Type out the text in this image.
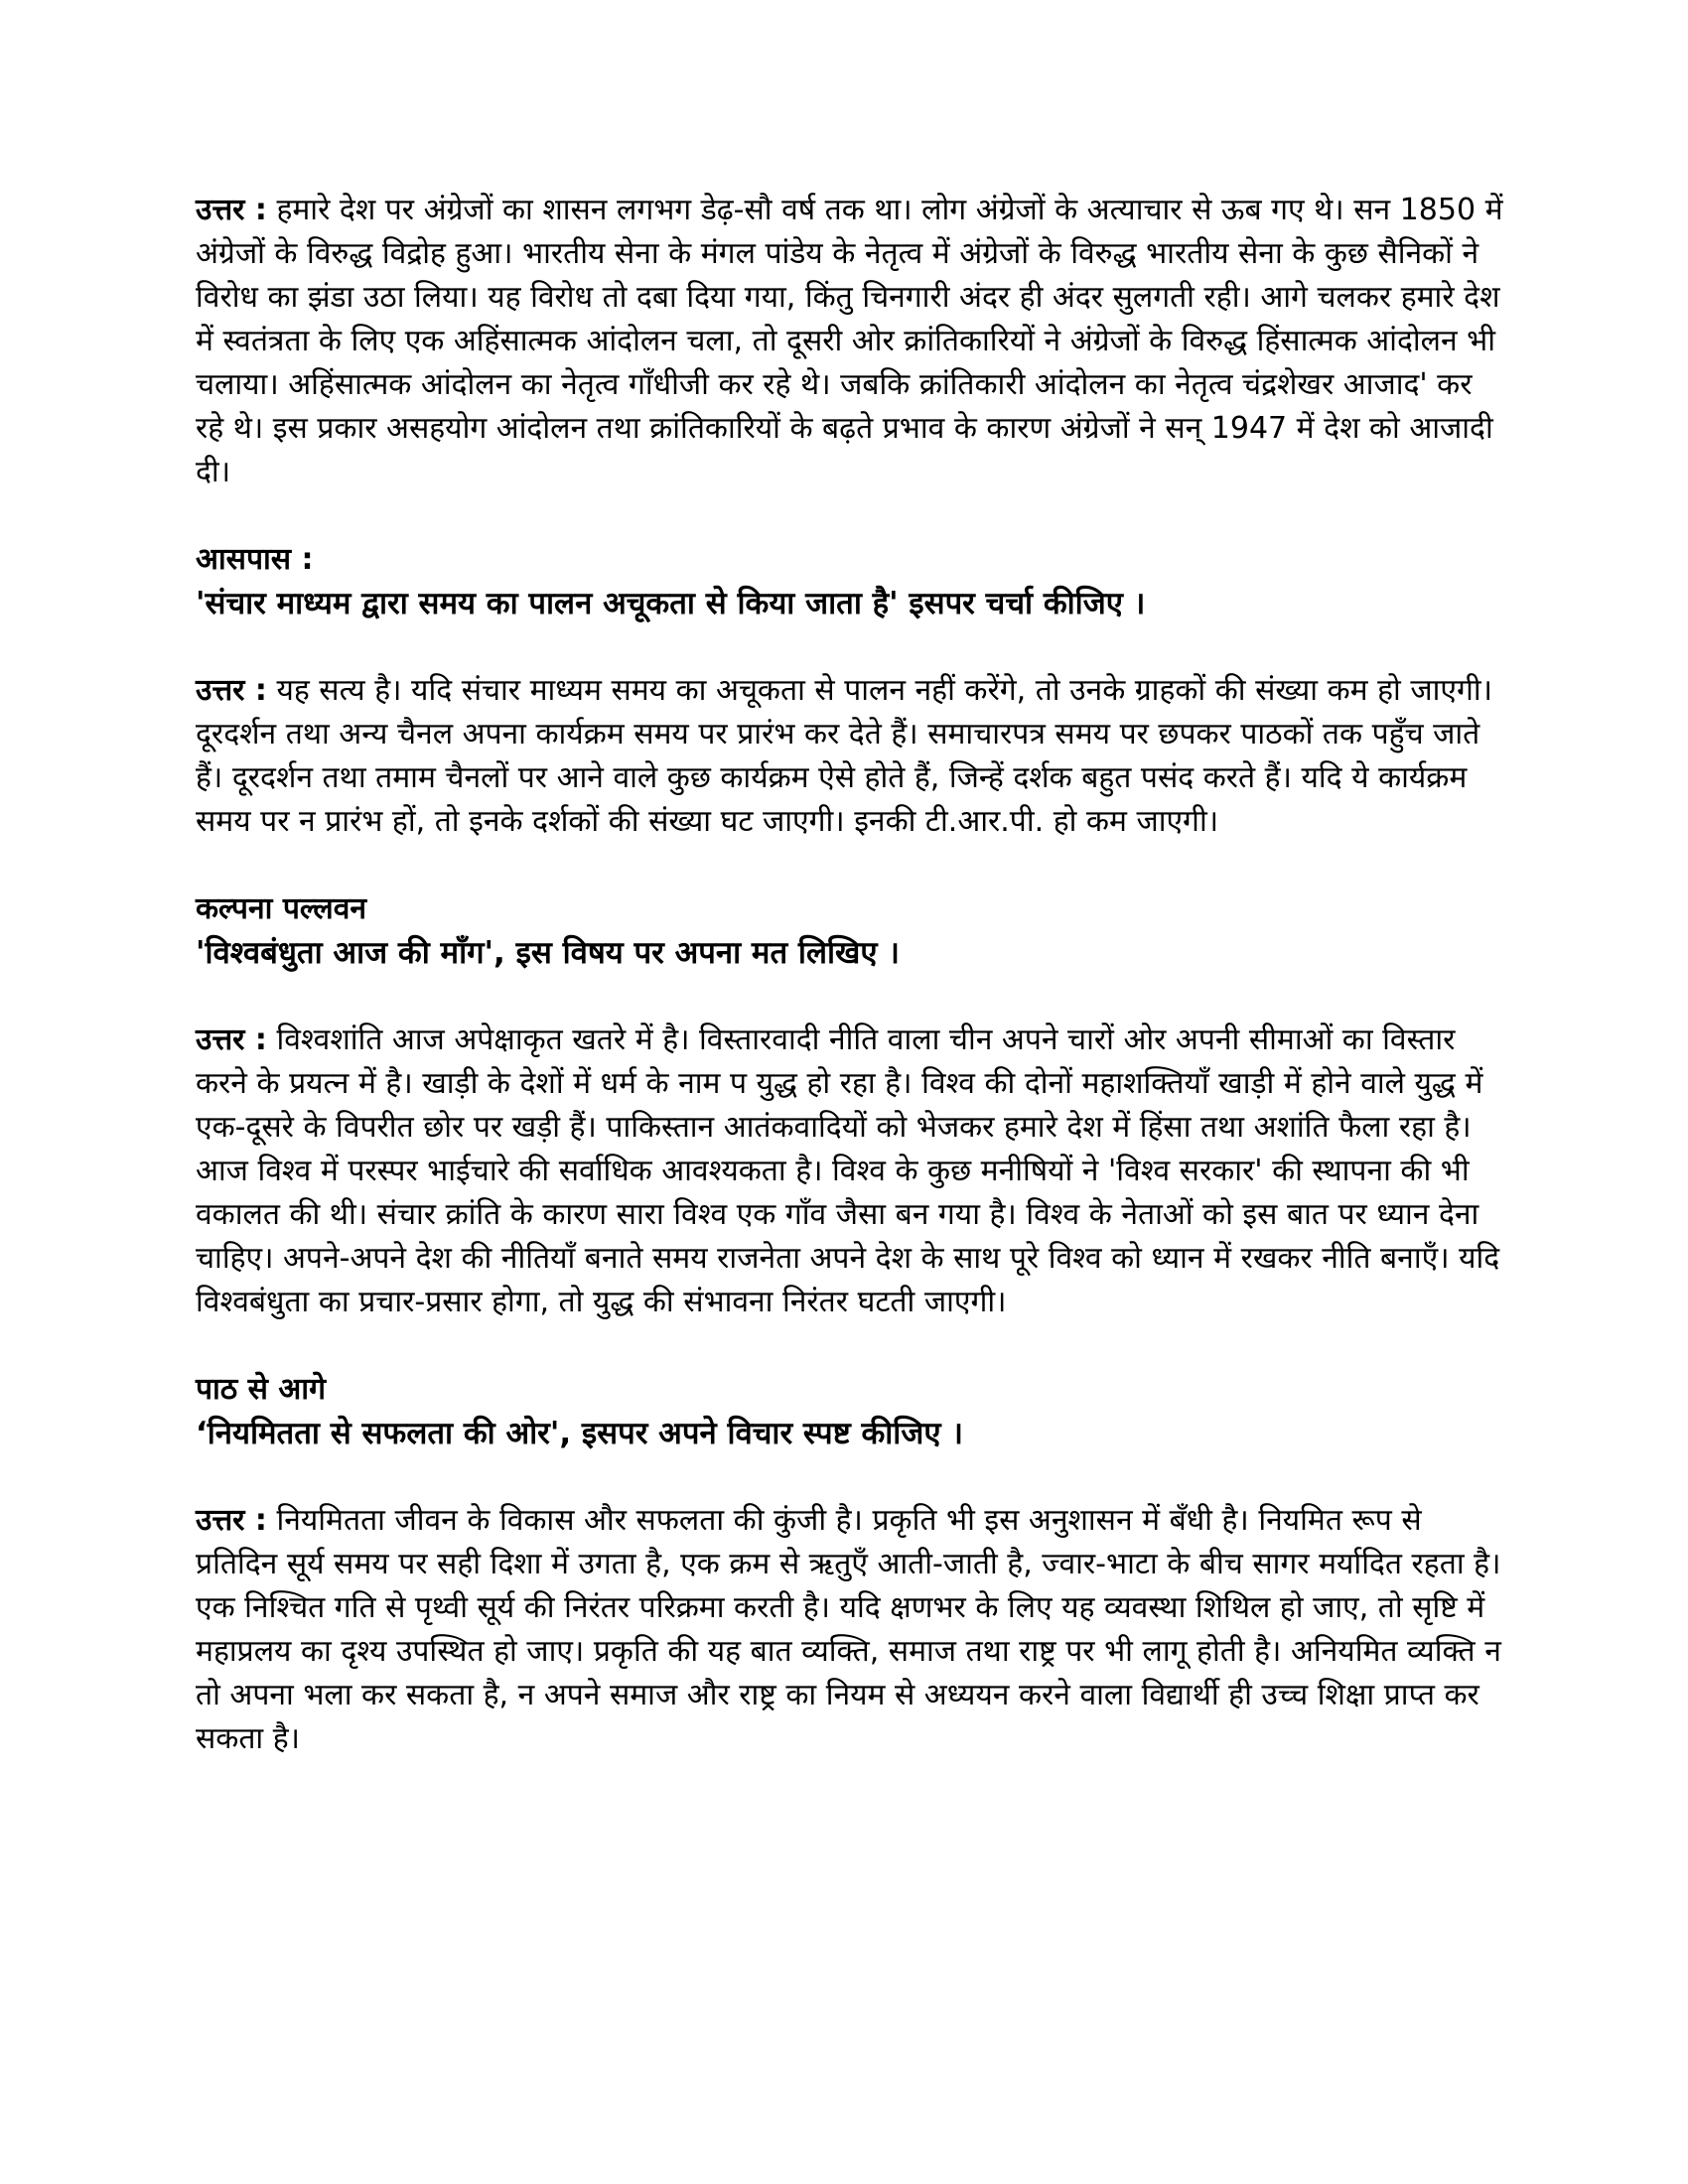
उत्तर : हमारे देश पर अंग्रेजों का शासन लगभग डेढ़-सौ वर्ष तक था। लोग अंग्रेजों के अत्याचार से ऊब गए थे। सन 1850 में अंग्रेजों के विरुद्ध विद्रोह हुआ। भारतीय सेना के मंगल पांडेय के नेतृत्व में अंग्रेजों के विरुद्ध भारतीय सेना के कुछ सैनिकों ने विरोध का झंडा उठा लिया। यह विरोध तो दबा दिया गया, किंतु चिनगारी अंदर ही अंदर सुलगती रही। आगे चलकर हमारे देश में स्वतंत्रता के लिए एक अहिंसात्मक आंदोलन चला, तो दूसरी ओर क्रांतिकारियों ने अंग्रेजों के विरुद्ध हिंसात्मक आंदोलन भी चलाया। अहिंसात्मक आंदोलन का नेतृत्व गाँधीजी कर रहे थे। जबकि क्रांतिकारी आंदोलन का नेतृत्व चंद्रशेखर आजाद' कर रहे थे। इस प्रकार असहयोग आंदोलन तथा क्रांतिकारियों के बढ़ते प्रभाव के कारण अंग्रेजों ने सन् 1947 में देश को आजादी दी।

आसपास :

'संचार माध्यम द्वारा समय का पालन अचूकता से किया जाता है' इसपर चर्चा कीजिए ।

उत्तर : यह सत्य है। यदि संचार माध्यम समय का अचूकता से पालन नहीं करेंगे, तो उनके ग्राहकों की संख्या कम हो जाएगी। दूरदर्शन तथा अन्य चैनल अपना कार्यक्रम समय पर प्रारंभ कर देते हैं। समाचारपत्र समय पर छपकर पाठकों तक पहुँच जाते हैं। दूरदर्शन तथा तमाम चैनलों पर आने वाले कुछ कार्यक्रम ऐसे होते हैं, जिन्हें दर्शक बहुत पसंद करते हैं। यदि ये कार्यक्रम समय पर न प्रारंभ हों, तो इनके दर्शकों की संख्या घट जाएगी। इनकी टी.आर.पी. हो कम जाएगी।

कल्पना पल्लवन

'विश्वबंधुता आज की माँग', इस विषय पर अपना मत लिखिए ।

उत्तर : विश्वशांति आज अपेक्षाकृत खतरे में है। विस्तारवादी नीति वाला चीन अपने चारों ओर अपनी सीमाओं का विस्तार करने के प्रयत्न में है। खाड़ी के देशों में धर्म के नाम प युद्ध हो रहा है। विश्व की दोनों महाशक्तियाँ खाड़ी में होने वाले युद्ध में एक-दूसरे के विपरीत छोर पर खड़ी हैं। पाकिस्तान आतंकवादियों को भेजकर हमारे देश में हिंसा तथा अशांति फैला रहा है। आज विश्व में परस्पर भाईचारे की सर्वाधिक आवश्यकता है। विश्व के कुछ मनीषियों ने 'विश्व सरकार' की स्थापना की भी वकालत की थी। संचार क्रांति के कारण सारा विश्व एक गाँव जैसा बन गया है। विश्व के नेताओं को इस बात पर ध्यान देना चाहिए। अपने-अपने देश की नीतियाँ बनाते समय राजनेता अपने देश के साथ पूरे विश्व को ध्यान में रखकर नीति बनाएँ। यदि विश्वबंधुता का प्रचार-प्रसार होगा, तो युद्ध की संभावना निरंतर घटती जाएगी।

पाठ से आगे

‘नियमितता से सफलता की ओर', इसपर अपने विचार स्पष्ट कीजिए ।

उत्तर : नियमितता जीवन के विकास और सफलता की कुंजी है। प्रकृति भी इस अनुशासन में बँधी है। नियमित रूप से प्रतिदिन सूर्य समय पर सही दिशा में उगता है, एक क्रम से ऋतुएँ आती-जाती है, ज्वार-भाटा के बीच सागर मर्यादित रहता है। एक निश्चित गति से पृथ्वी सूर्य की निरंतर परिक्रमा करती है। यदि क्षणभर के लिए यह व्यवस्था शिथिल हो जाए, तो सृष्टि में महाप्रलय का दृश्य उपस्थित हो जाए। प्रकृति की यह बात व्यक्ति, समाज तथा राष्ट्र पर भी लागू होती है। अनियमित व्यक्ति न तो अपना भला कर सकता है, न अपने समाज और राष्ट्र का नियम से अध्ययन करने वाला विद्यार्थी ही उच्च शिक्षा प्राप्त कर सकता है।
